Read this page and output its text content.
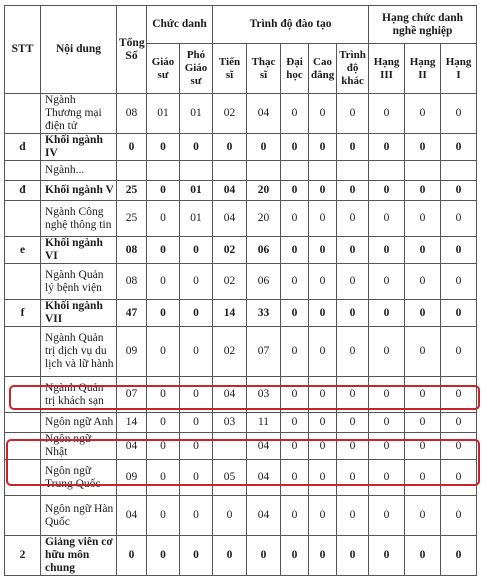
STT	Nội dung	Tổng Số	Chức danh		Trình độ đào tạo					Hạng chức danh nghề nghiệp		
			Giáo sư	Phó Giáo sư	Tiến sĩ	Thạc sĩ	Đại học	Cao đẳng	Trình độ khác	Hạng III	Hạng II	Hạng I
	Ngành Thương mại điện tử	08	01	01	02	04	0	0	0	0	0	0
d	Khối ngành IV	0	0	0	0	0	0	0	0	0	0	0
	Ngành...											
đ	Khối ngành V	25	0	01	04	20	0	0	0	0	0	0
	Ngành Công nghệ thông tin	25	0	01	04	20	0	0	0	0	0	0
e	Khối ngành VI	08	0	0	02	06	0	0	0	0	0	0
	Ngành Quản lý bệnh viện	08	0	0	02	06	0	0	0	0	0	0
f	Khối ngành VII	47	0	0	14	33	0	0	0	0	0	0
	Ngành Quản trị dịch vụ du lịch và lữ hành	09	0	0	02	07	0	0	0	0	0	0
	Ngành Quản trị khách sạn	07	0	0	04	03	0	0	0	0	0	0
	Ngôn ngữ Anh	14	0	0	03	11	0	0	0	0	0	0
	Ngôn ngữ Nhật	04	0	0		04	0	0	0	0	0	0
	Ngôn ngữ Trung Quốc	09	0	0	05	04	0	0	0	0	0	0
	Ngôn ngữ Hàn Quốc	04	0	0	0	04	0	0	0	0	0	0
2	Giảng viên cơ hữu môn chung	0	0	0	0	0	0	0	0	0	0	0
